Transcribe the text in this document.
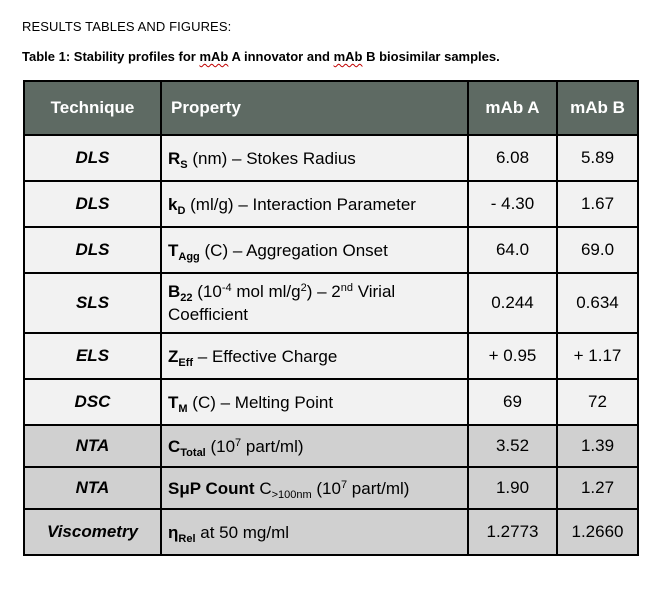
RESULTS TABLES AND FIGURES:
Table 1: Stability profiles for mAb A innovator and mAb B biosimilar samples.
Technique	Property	mAb A	mAb B
DLS	$R_S$ (nm) – Stokes Radius	6.08	5.89
DLS	$k_D$ (ml/g) – Interaction Parameter	- 4.30	1.67
DLS	$T_{Agg}$ (C) – Aggregation Onset	64.0	69.0
SLS	$B_{22}$ ($10^{-4}$ mol $ml/g^2) - 2nd$ Virial Coefficient	0.244	0.634
ELS	$Z_{Eff}$ – Effective Charge	+ 0.95	+ 1.17
DSC	$T_M$ (C) – Melting Point	69	72
NTA	$C_{Total}$ ($10^7$ part/ml)	3.52	1.39
NTA	SμP Count $C_{>100nm}$ ($10^7$ part/ml)	1.90	1.27
Viscometry	$\eta_{Rel}$ at 50 mg/ml	1.2773	1.2660
